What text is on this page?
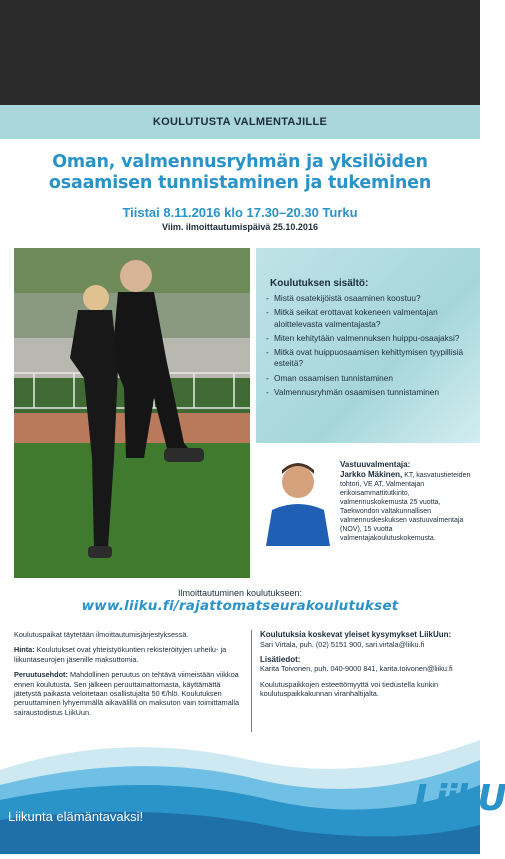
KOULUTUSTA VALMENTAJILLE
Oman, valmennusryhmän ja yksilöiden
osaamisen tunnistaminen ja tukeminen
Tiistai 8.11.2016 klo 17.30–20.30 Turku
Viim. ilmoittautumispäivä 25.10.2016
Koulutuksen sisältö:
- Mistä osatekijöistä osaaminen koostuu?
- Mitkä seikat erottavat kokeneen valmentajan aloittelevasta valmentajasta?
- Miten kehitytään valmennuksen huippu-osaajaksi?
- Mitkä ovat huippuosaamisen kehittymisen tyypillisiä esteitä?
- Oman osaamisen tunnistaminen
- Valmennusryhmän osaamisen tunnistaminen
Vastuuvalmentaja:
Jarkko Mäkinen, KT, kasvatustieteiden tohtori, VE AT, Valmentajan erikoisammattitutkinto, valmennuskokemusta 25 vuotta, Taekwondon valtakunnallisen valmennuskeskuksen vastuuvalmentaja (NOV), 15 vuotta valmentajakoulutuskokemusta.
Ilmoittautuminen koulutukseen:
www.liiku.fi/rajattomatseurakoulutukset

Koulutuspaikat täytetään ilmoittautumisjärjestyksessä.

Hinta: Koulutukset ovat yhteistyökuntien rekisteröityjen urheilu- ja liikuntaseurojen jäsenille maksuttomia.

Peruutusehdot: Mahdollinen peruutus on tehtävä viimeistään viikkoa ennen koulutusta. Sen jälkeen peruuttamattomasta, käyttämättä jätetystä paikasta veloitetaan osallistujalta 50 €/hlö. Koulutuksen peruuttaminen lyhyemmällä aikavälillä on maksuton vain toimittamalla sairaustodistus LiikUun.

Koulutuksia koskevat yleiset kysymykset LiikUun:

Sari Virtala, puh. (02) 5151 900, sari.virtala@liiku.fi

Lisätiedot:

Karita Toivonen, puh. 040-9000 841, karita.toivonen@liiku.fi

Koulutuspaikkojen esteettömyyttä voi tiedustella kunkin koulutuspaikkakunnan viranhaltijalta.

Liikunta elämäntavaksi!	LiikU
